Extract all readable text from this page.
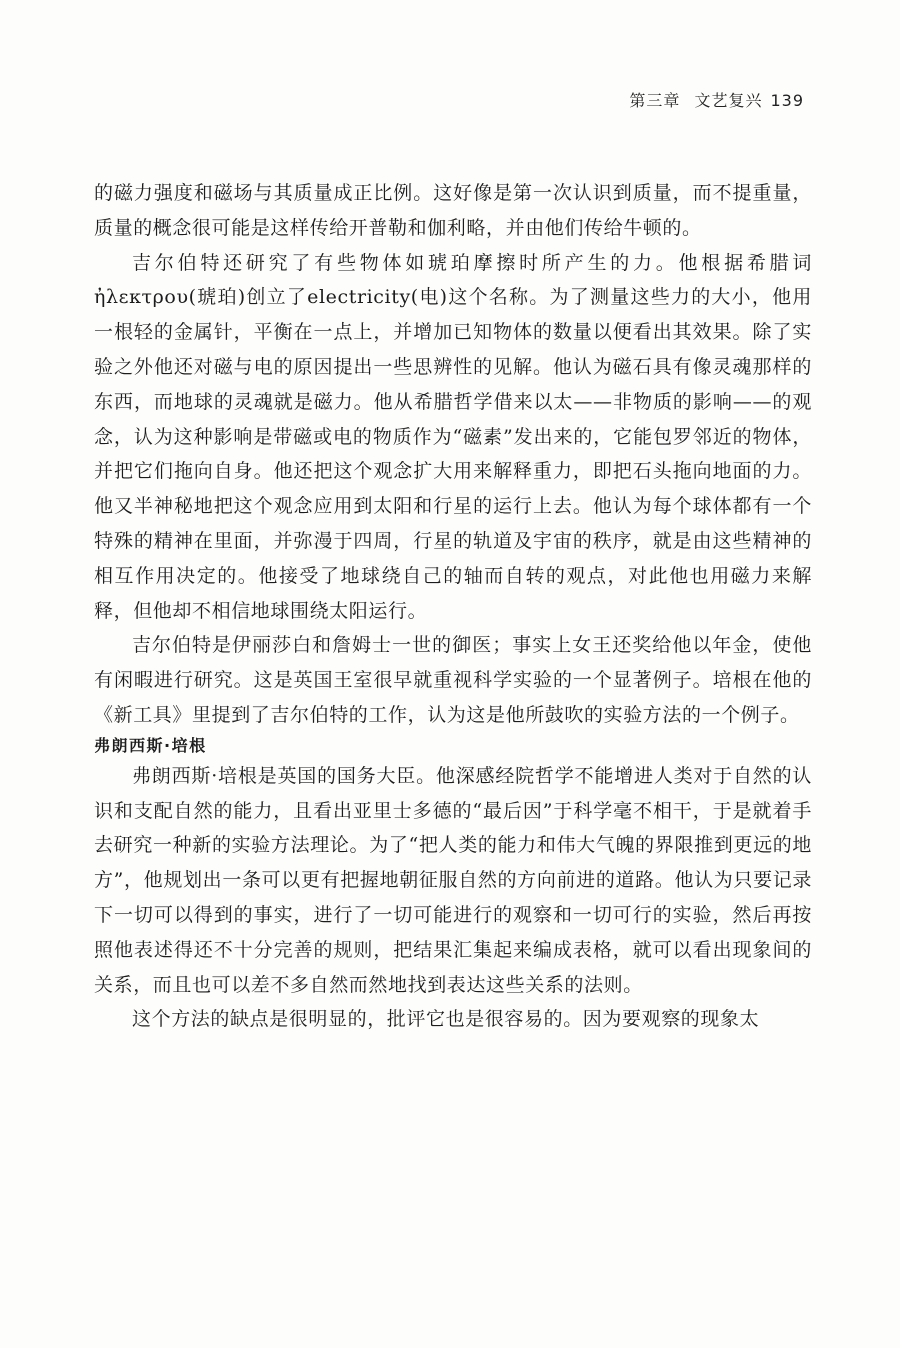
第三章 文艺复兴 139

的磁力强度和磁场与其质量成正比例。这好像是第一次认识到质量，而不提重量，质量的概念很可能是这样传给开普勒和伽利略，并由他们传给牛顿的。

吉尔伯特还研究了有些物体如琥珀摩擦时所产生的力。他根据希腊词ἠλεκτρου(琥珀)创立了electricity(电)这个名称。为了测量这些力的大小，他用一根轻的金属针，平衡在一点上，并增加已知物体的数量以便看出其效果。除了实验之外他还对磁与电的原因提出一些思辨性的见解。他认为磁石具有像灵魂那样的东西，而地球的灵魂就是磁力。他从希腊哲学借来以太——非物质的影响——的观念，认为这种影响是带磁或电的物质作为“磁素”发出来的，它能包罗邻近的物体，并把它们拖向自身。他还把这个观念扩大用来解释重力，即把石头拖向地面的力。他又半神秘地把这个观念应用到太阳和行星的运行上去。他认为每个球体都有一个特殊的精神在里面，并弥漫于四周，行星的轨道及宇宙的秩序，就是由这些精神的相互作用决定的。他接受了地球绕自己的轴而自转的观点，对此他也用磁力来解释，但他却不相信地球围绕太阳运行。

吉尔伯特是伊丽莎白和詹姆士一世的御医；事实上女王还奖给他以年金，使他有闲暇进行研究。这是英国王室很早就重视科学实验的一个显著例子。培根在他的《新工具》里提到了吉尔伯特的工作，认为这是他所鼓吹的实验方法的一个例子。

弗朗西斯·培根

弗朗西斯·培根是英国的国务大臣。他深感经院哲学不能增进人类对于自然的认识和支配自然的能力，且看出亚里士多德的“最后因”于科学毫不相干，于是就着手去研究一种新的实验方法理论。为了“把人类的能力和伟大气魄的界限推到更远的地方”，他规划出一条可以更有把握地朝征服自然的方向前进的道路。他认为只要记录下一切可以得到的事实，进行了一切可能进行的观察和一切可行的实验，然后再按照他表述得还不十分完善的规则，把结果汇集起来编成表格，就可以看出现象间的关系，而且也可以差不多自然而然地找到表达这些关系的法则。

这个方法的缺点是很明显的，批评它也是很容易的。因为要观察的现象太
